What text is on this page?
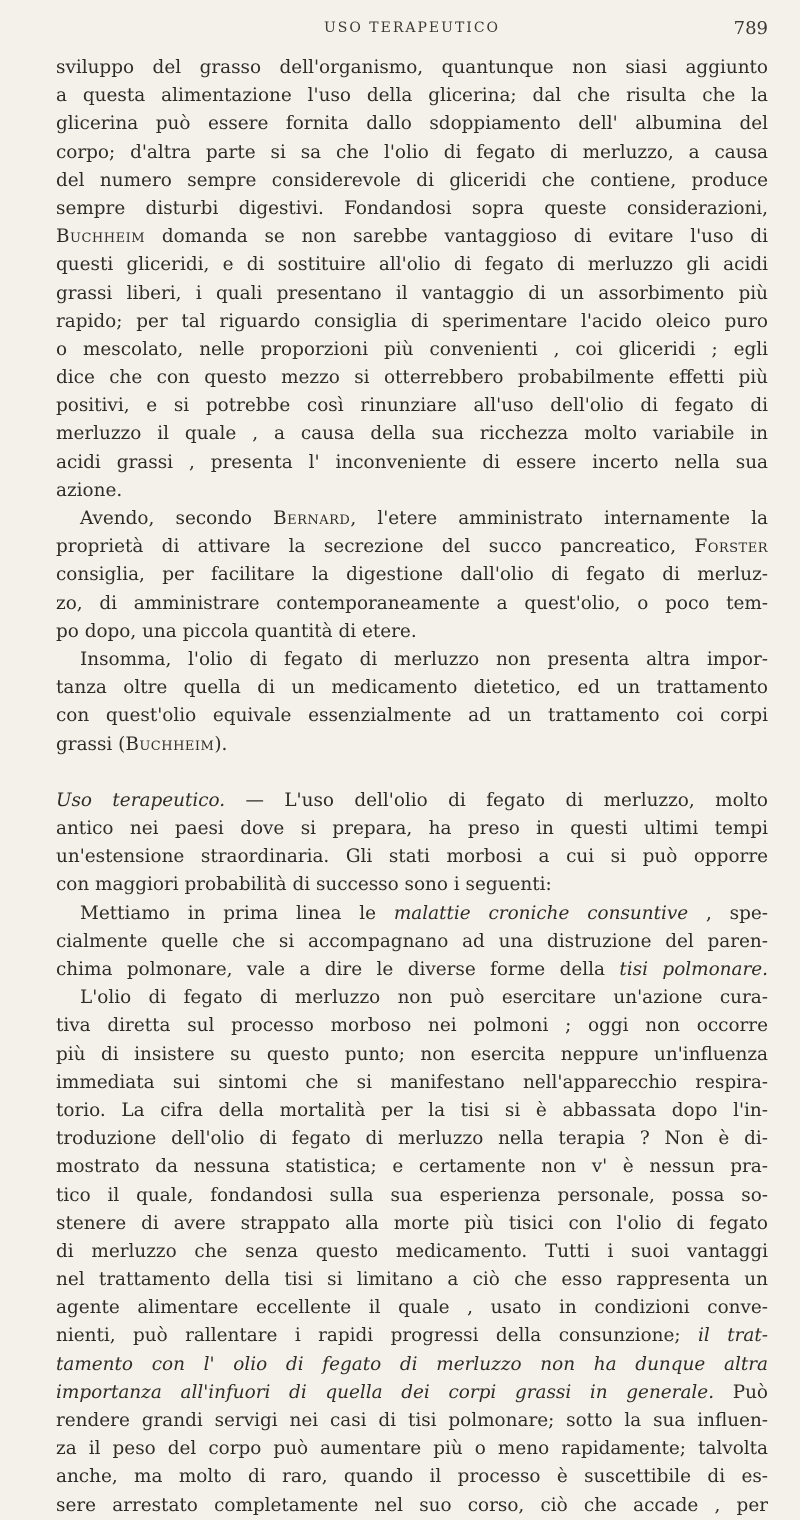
USO TERAPEUTICO	789
sviluppo del grasso dell'organismo, quantunque non siasi aggiunto
a questa alimentazione l'uso della glicerina; dal che risulta che la
glicerina può essere fornita dallo sdoppiamento dell' albumina del
corpo; d'altra parte si sa che l'olio di fegato di merluzzo, a causa
del numero sempre considerevole di gliceridi che contiene, produce
sempre disturbi digestivi. Fondandosi sopra queste considerazioni,
Buchheim domanda se non sarebbe vantaggioso di evitare l'uso di
questi gliceridi, e di sostituire all'olio di fegato di merluzzo gli acidi
grassi liberi, i quali presentano il vantaggio di un assorbimento più
rapido; per tal riguardo consiglia di sperimentare l'acido oleico puro
o mescolato, nelle proporzioni più convenienti , coi gliceridi ; egli
dice che con questo mezzo si otterrebbero probabilmente effetti più
positivi, e si potrebbe così rinunziare all'uso dell'olio di fegato di
merluzzo il quale , a causa della sua ricchezza molto variabile in
acidi grassi , presenta l' inconveniente di essere incerto nella sua
azione.
Avendo, secondo Bernard, l'etere amministrato internamente la
proprietà di attivare la secrezione del succo pancreatico, Forster
consiglia, per facilitare la digestione dall'olio di fegato di merluz-
zo, di amministrare contemporaneamente a quest'olio, o poco tem-
po dopo, una piccola quantità di etere.
Insomma, l'olio di fegato di merluzzo non presenta altra impor-
tanza oltre quella di un medicamento dietetico, ed un trattamento
con quest'olio equivale essenzialmente ad un trattamento coi corpi
grassi (Buchheim).

Uso terapeutico. — L'uso dell'olio di fegato di merluzzo, molto
antico nei paesi dove si prepara, ha preso in questi ultimi tempi
un'estensione straordinaria. Gli stati morbosi a cui si può opporre
con maggiori probabilità di successo sono i seguenti:
Mettiamo in prima linea le malattie croniche consuntive , spe-
cialmente quelle che si accompagnano ad una distruzione del paren-
chima polmonare, vale a dire le diverse forme della tisi polmonare.
L'olio di fegato di merluzzo non può esercitare un'azione cura-
tiva diretta sul processo morboso nei polmoni ; oggi non occorre
più di insistere su questo punto; non esercita neppure un'influenza
immediata sui sintomi che si manifestano nell'apparecchio respira-
torio. La cifra della mortalità per la tisi si è abbassata dopo l'in-
troduzione dell'olio di fegato di merluzzo nella terapia ? Non è di-
mostrato da nessuna statistica; e certamente non v' è nessun pra-
tico il quale, fondandosi sulla sua esperienza personale, possa so-
stenere di avere strappato alla morte più tisici con l'olio di fegato
di merluzzo che senza questo medicamento. Tutti i suoi vantaggi
nel trattamento della tisi si limitano a ciò che esso rappresenta un
agente alimentare eccellente il quale , usato in condizioni conve-
nienti, può rallentare i rapidi progressi della consunzione; il trat-
tamento con l' olio di fegato di merluzzo non ha dunque altra
importanza all'infuori di quella dei corpi grassi in generale. Può
rendere grandi servigi nei casi di tisi polmonare; sotto la sua influen-
za il peso del corpo può aumentare più o meno rapidamente; talvolta
anche, ma molto di raro, quando il processo è suscettibile di es-
sere arrestato completamente nel suo corso, ciò che accade , per
